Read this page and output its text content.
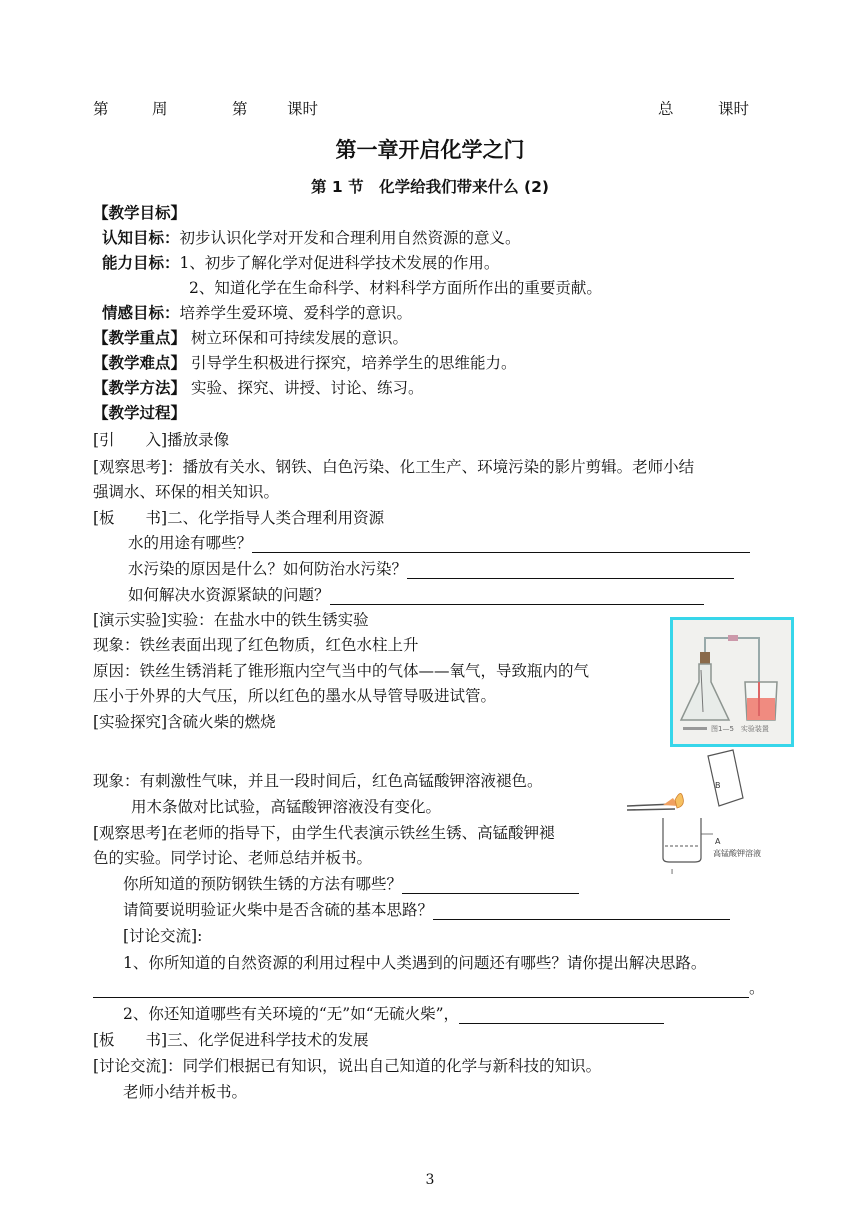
第	周	第	课时	总	课时
第一章开启化学之门
第 1 节　化学给我们带来什么 (2)
【教学目标】
认知目标：初步认识化学对开发和合理利用自然资源的意义。
能力目标：1、初步了解化学对促进科学技术发展的作用。
2、知道化学在生命科学、材料科学方面所作出的重要贡献。
情感目标：培养学生爱环境、爱科学的意识。
【教学重点】 树立环保和可持续发展的意识。
【教学难点】 引导学生积极进行探究，培养学生的思维能力。
【教学方法】 实验、探究、讲授、讨论、练习。
【教学过程】
[引　　入]播放录像
[观察思考]：播放有关水、钢铁、白色污染、化工生产、环境污染的影片剪辑。老师小结
强调水、环保的相关知识。
[板　　书]二、化学指导人类合理利用资源
水的用途有哪些？
水污染的原因是什么？如何防治水污染？
如何解决水资源紧缺的问题？
[演示实验]实验：在盐水中的铁生锈实验
现象：铁丝表面出现了红色物质，红色水柱上升
原因：铁丝生锈消耗了锥形瓶内空气当中的气体——氧气，导致瓶内的气
压小于外界的大气压，所以红色的墨水从导管导吸进试管。
[实验探究]含硫火柴的燃烧
现象：有刺激性气味，并且一段时间后，红色高锰酸钾溶液褪色。
用木条做对比试验，高锰酸钾溶液没有变化。
[观察思考]在老师的指导下，由学生代表演示铁丝生锈、高锰酸钾褪
色的实验。同学讨论、老师总结并板书。
你所知道的预防钢铁生锈的方法有哪些？
请简要说明验证火柴中是否含硫的基本思路？
[讨论交流]:
1、你所知道的自然资源的利用过程中人类遇到的问题还有哪些？请你提出解决思路。
。
2、你还知道哪些有关环境的“无”如“无硫火柴”，
[板　　书]三、化学促进科学技术的发展
[讨论交流]：同学们根据已有知识，说出自己知道的化学与新科技的知识。
老师小结并板书。
图1—5　实验装置
B
A
高锰酸钾溶液
I
3
